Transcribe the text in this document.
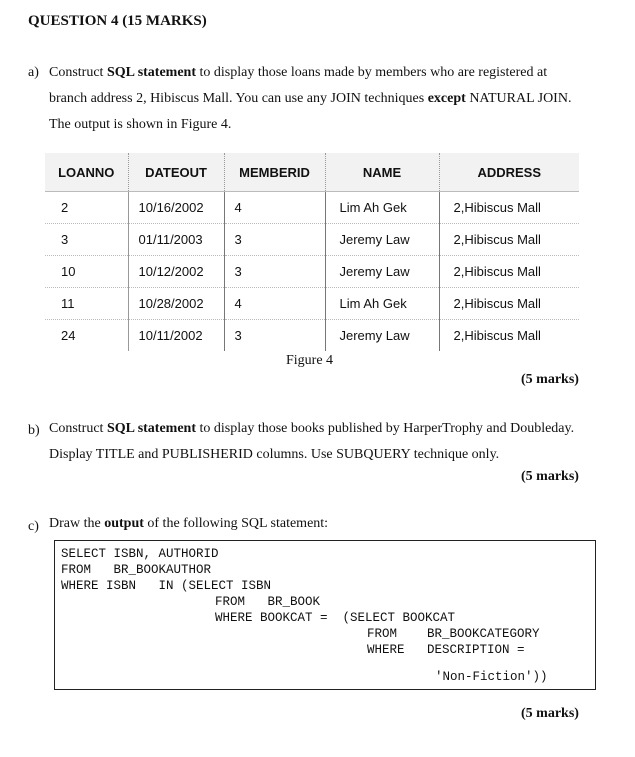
QUESTION 4 (15 MARKS)
a) Construct SQL statement to display those loans made by members who are registered at
branch address 2, Hibiscus Mall. You can use any JOIN techniques except NATURAL JOIN.
The output is shown in Figure 4.
LOANNO	DATEOUT	MEMBERID	NAME	ADDRESS
2	10/16/2002	4	Lim Ah Gek	2,Hibiscus Mall
3	01/11/2003	3	Jeremy Law	2,Hibiscus Mall
10	10/12/2002	3	Jeremy Law	2,Hibiscus Mall
11	10/28/2002	4	Lim Ah Gek	2,Hibiscus Mall
24	10/11/2002	3	Jeremy Law	2,Hibiscus Mall
Figure 4
(5 marks)
b) Construct SQL statement to display those books published by HarperTrophy and Doubleday.
Display TITLE and PUBLISHERID columns. Use SUBQUERY technique only.
(5 marks)
c) Draw the output of the following SQL statement:
SELECT ISBN, AUTHORID
FROM   BR_BOOKAUTHOR
WHERE ISBN   IN (SELECT ISBN
FROM   BR_BOOK
WHERE BOOKCAT =  (SELECT BOOKCAT
FROM    BR_BOOKCATEGORY
WHERE   DESCRIPTION =
'Non-Fiction'))
(5 marks)
